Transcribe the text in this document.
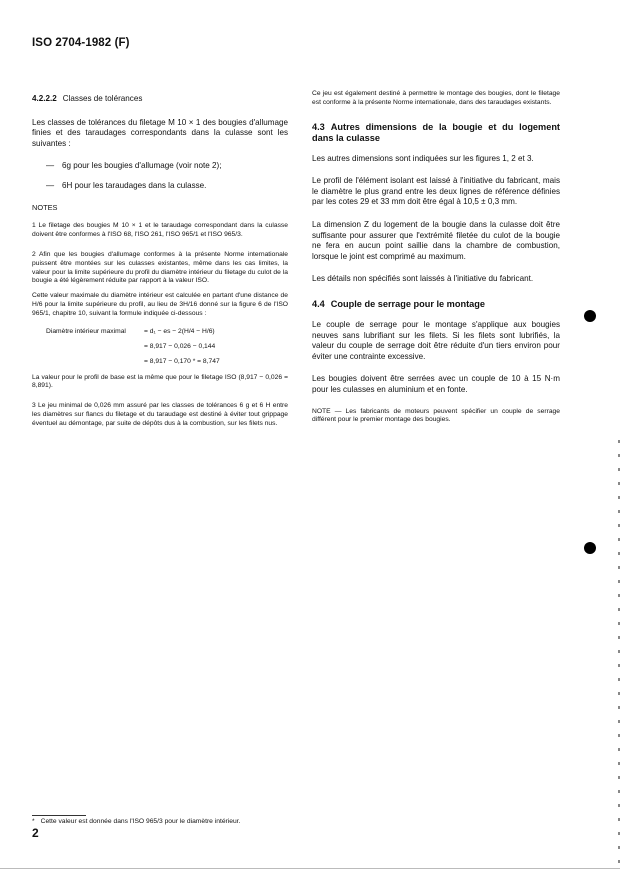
ISO 2704-1982 (F)
4.2.2.2 Classes de tolérances
Les classes de tolérances du filetage M 10 × 1 des bougies d'allumage finies et des taraudages correspondants dans la culasse sont les suivantes :
— 6g pour les bougies d'allumage (voir note 2);
— 6H pour les taraudages dans la culasse.
NOTES
1 Le filetage des bougies M 10 × 1 et le taraudage correspondant dans la culasse doivent être conformes à l'ISO 68, l'ISO 261, l'ISO 965/1 et l'ISO 965/3.
2 Afin que les bougies d'allumage conformes à la présente Norme internationale puissent être montées sur les culasses existantes, même dans les cas limites, la valeur pour la limite supérieure du profil du diamètre intérieur du filetage du culot de la bougie a été légèrement réduite par rapport à la valeur ISO.
Cette valeur maximale du diamètre intérieur est calculée en partant d'une distance de H/6 pour la limite supérieure du profil, au lieu de 3H/16 donné sur la figure 6 de l'ISO 965/1, chapitre 10, suivant la formule indiquée ci-dessous :
Diamètre intérieur maximal	= d₁ − es − 2(H/4 − H/6)
= 8,917 − 0,026 − 0,144
= 8,917 − 0,170 * = 8,747
La valeur pour le profil de base est la même que pour le filetage ISO (8,917 − 0,026 = 8,891).
3 Le jeu minimal de 0,026 mm assuré par les classes de tolérances 6 g et 6 H entre les diamètres sur flancs du filetage et du taraudage est destiné à éviter tout grippage éventuel au démontage, par suite de dépôts dus à la combustion, sur les filets nus.
Ce jeu est également destiné à permettre le montage des bougies, dont le filetage est conforme à la présente Norme internationale, dans des taraudages existants.
4.3 Autres dimensions de la bougie et du logement dans la culasse
Les autres dimensions sont indiquées sur les figures 1, 2 et 3.
Le profil de l'élément isolant est laissé à l'initiative du fabricant, mais le diamètre le plus grand entre les deux lignes de référence définies par les cotes 29 et 33 mm doit être égal à 10,5 ± 0,3 mm.
La dimension Z du logement de la bougie dans la culasse doit être suffisante pour assurer que l'extrémité filetée du culot de la bougie ne fera en aucun point saillie dans la chambre de combustion, lorsque le joint est comprimé au maximum.
Les détails non spécifiés sont laissés à l'initiative du fabricant.
4.4 Couple de serrage pour le montage
Le couple de serrage pour le montage s'applique aux bougies neuves sans lubrifiant sur les filets. Si les filets sont lubrifiés, la valeur du couple de serrage doit être réduite d'un tiers environ pour éviter une contrainte excessive.
Les bougies doivent être serrées avec un couple de 10 à 15 N·m pour les culasses en aluminium et en fonte.
NOTE — Les fabricants de moteurs peuvent spécifier un couple de serrage différent pour le premier montage des bougies.
* Cette valeur est donnée dans l'ISO 965/3 pour le diamètre intérieur.
2
